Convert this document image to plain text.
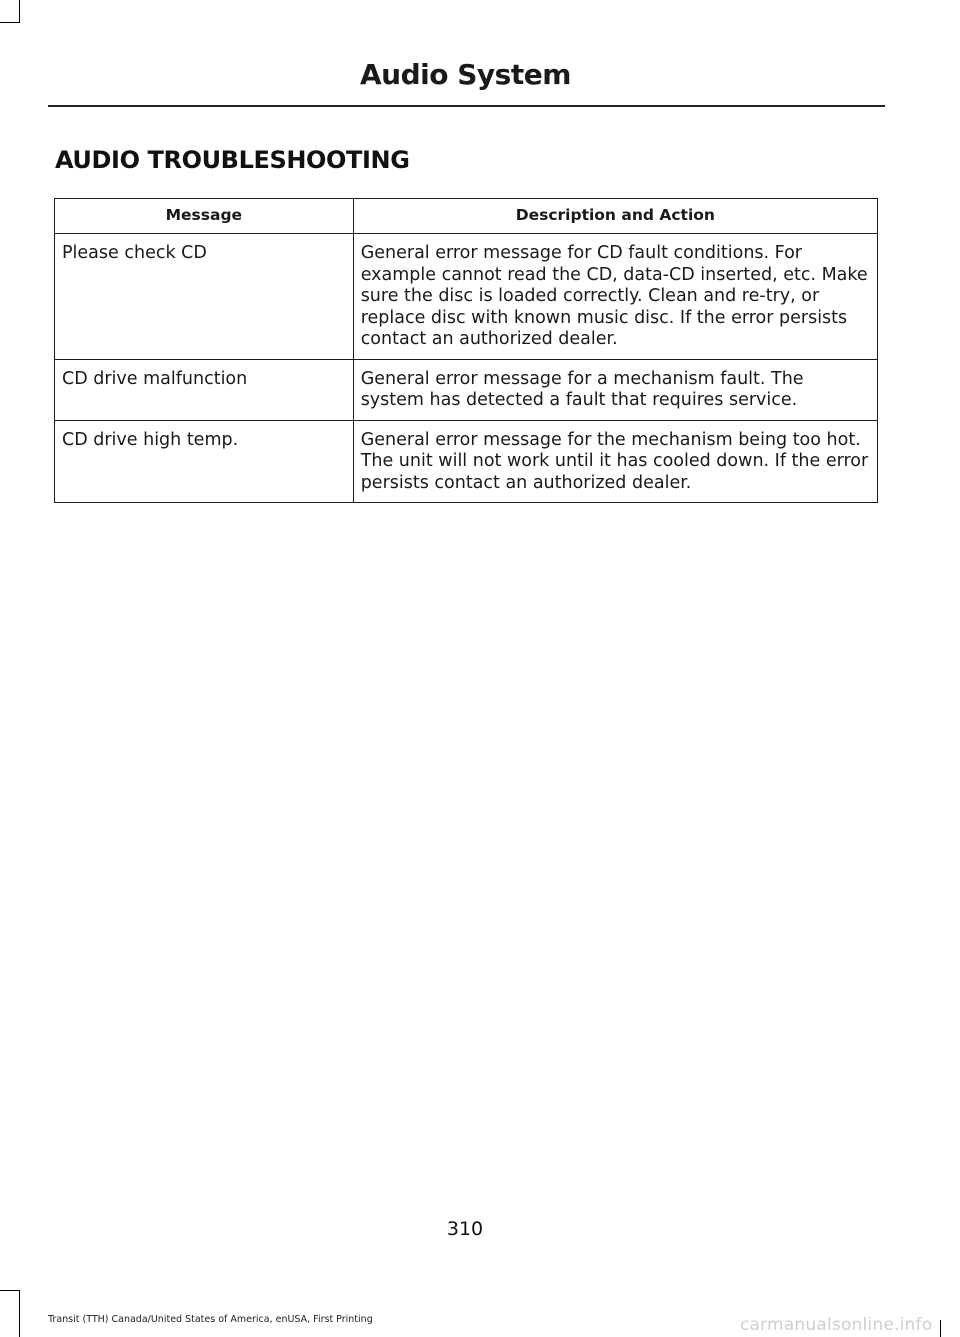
Audio System
AUDIO TROUBLESHOOTING
Message	Description and Action
Please check CD	General error message for CD fault conditions. For example cannot read the CD, data-CD inserted, etc. Make sure the disc is loaded correctly. Clean and re-try, or replace disc with known music disc. If the error persists contact an authorized dealer.
CD drive malfunction	General error message for a mechanism fault. The system has detected a fault that requires service.
CD drive high temp.	General error message for the mechanism being too hot. The unit will not work until it has cooled down. If the error persists contact an authorized dealer.
310
Transit (TTH) Canada/United States of America, enUSA, First Printing	carmanualsonline.info
